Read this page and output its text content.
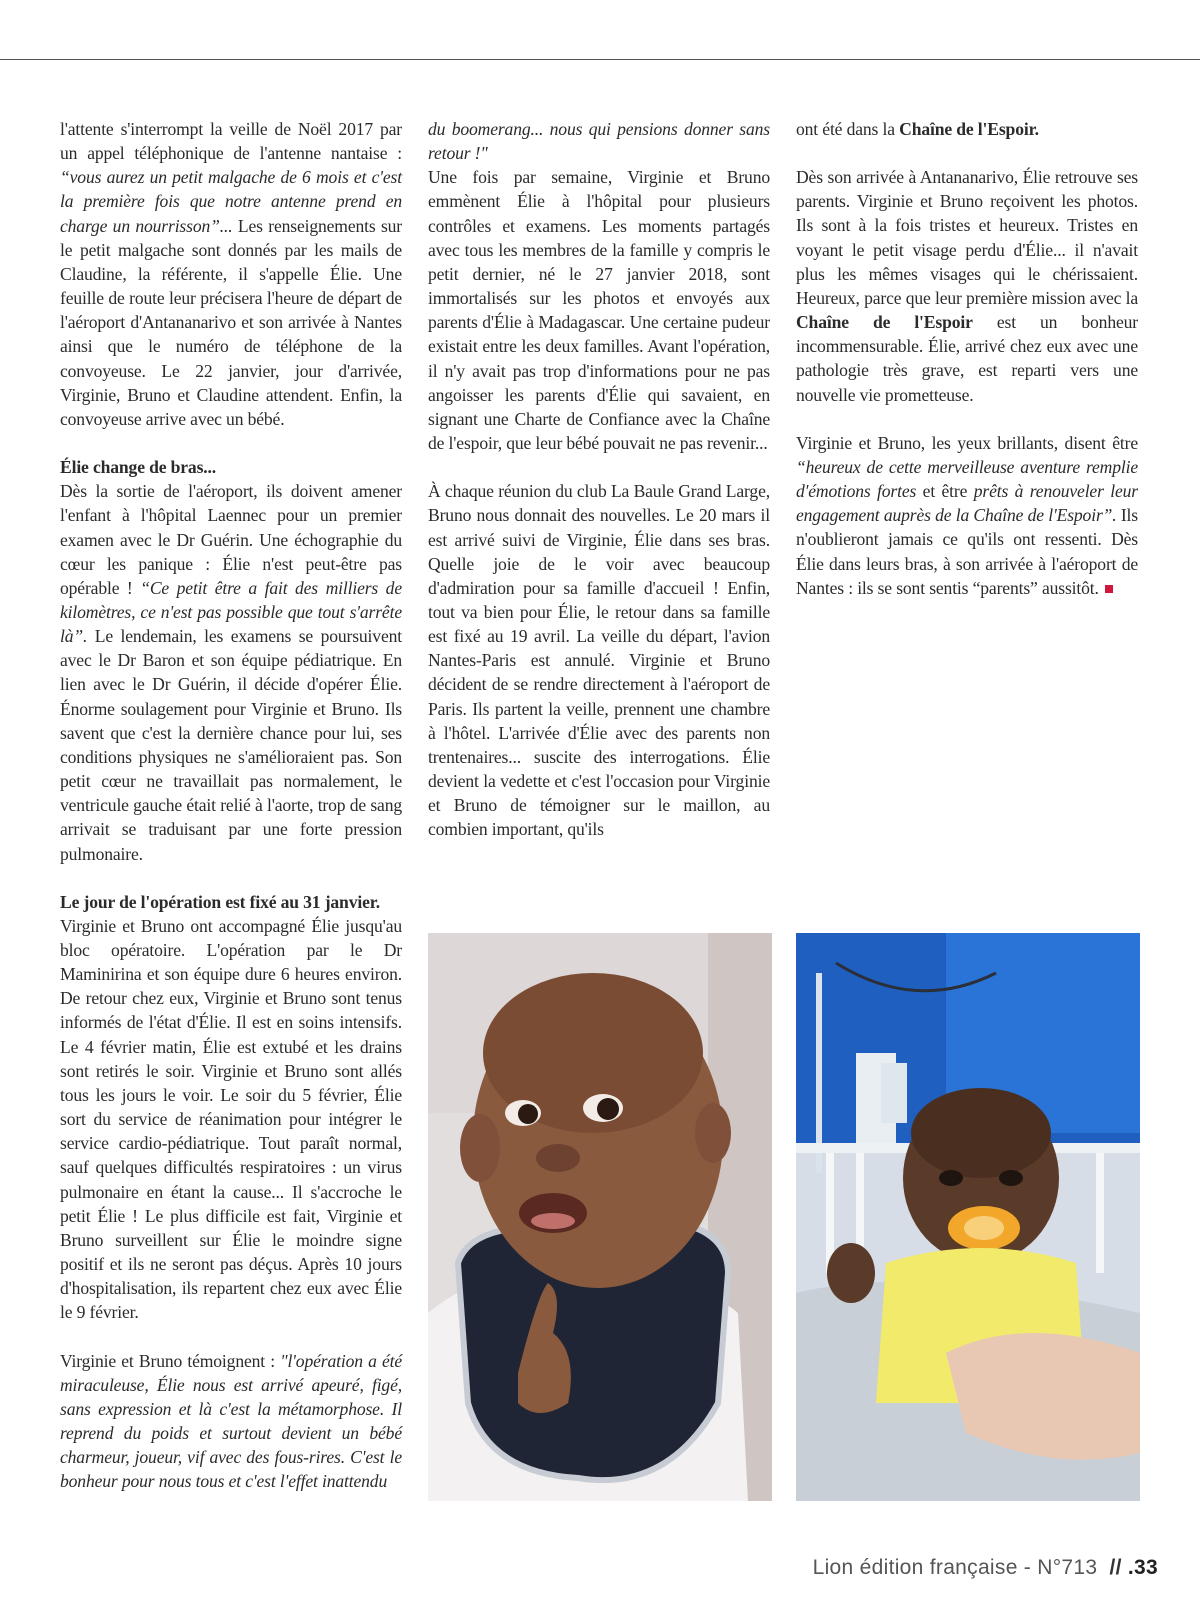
l'attente s'interrompt la veille de Noël 2017 par un appel téléphonique de l'antenne nantaise : “vous aurez un petit malgache de 6 mois et c'est la première fois que notre antenne prend en charge un nourrisson”... Les renseignements sur le petit malgache sont donnés par les mails de Claudine, la référente, il s'appelle Élie. Une feuille de route leur précisera l'heure de départ de l'aéroport d'Antananarivo et son arrivée à Nantes ainsi que le numéro de téléphone de la convoyeuse. Le 22 janvier, jour d'arrivée, Virginie, Bruno et Claudine attendent. Enfin, la convoyeuse arrive avec un bébé.

Élie change de bras...

Dès la sortie de l'aéroport, ils doivent amener l'enfant à l'hôpital Laennec pour un premier examen avec le Dr Guérin. Une échographie du cœur les panique : Élie n'est peut-être pas opérable ! “Ce petit être a fait des milliers de kilomètres, ce n'est pas possible que tout s'arrête là”. Le lendemain, les examens se poursuivent avec le Dr Baron et son équipe pédiatrique. En lien avec le Dr Guérin, il décide d'opérer Élie. Énorme soulagement pour Virginie et Bruno. Ils savent que c'est la dernière chance pour lui, ses conditions physiques ne s'amélioraient pas. Son petit cœur ne travaillait pas normalement, le ventricule gauche était relié à l'aorte, trop de sang arrivait se traduisant par une forte pression pulmonaire.

Le jour de l'opération est fixé au 31 janvier.

Virginie et Bruno ont accompagné Élie jusqu'au bloc opératoire. L'opération par le Dr Maminirina et son équipe dure 6 heures environ. De retour chez eux, Virginie et Bruno sont tenus informés de l'état d'Élie. Il est en soins intensifs. Le 4 février matin, Élie est extubé et les drains sont retirés le soir. Virginie et Bruno sont allés tous les jours le voir. Le soir du 5 février, Élie sort du service de réanimation pour intégrer le service cardio-pédiatrique. Tout paraît normal, sauf quelques difficultés respiratoires : un virus pulmonaire en étant la cause... Il s'accroche le petit Élie ! Le plus difficile est fait, Virginie et Bruno surveillent sur Élie le moindre signe positif et ils ne seront pas déçus. Après 10 jours d'hospitalisation, ils repartent chez eux avec Élie le 9 février.

Virginie et Bruno témoignent : "l'opération a été miraculeuse, Élie nous est arrivé apeuré, figé, sans expression et là c'est la métamorphose. Il reprend du poids et surtout devient un bébé charmeur, joueur, vif avec des fous-rires. C'est le bonheur pour nous tous et c'est l'effet inattendu

du boomerang... nous qui pensions donner sans retour !"

Une fois par semaine, Virginie et Bruno emmènent Élie à l'hôpital pour plusieurs contrôles et examens. Les moments partagés avec tous les membres de la famille y compris le petit dernier, né le 27 janvier 2018, sont immortalisés sur les photos et envoyés aux parents d'Élie à Madagascar. Une certaine pudeur existait entre les deux familles. Avant l'opération, il n'y avait pas trop d'informations pour ne pas angoisser les parents d'Élie qui savaient, en signant une Charte de Confiance avec la Chaîne de l'espoir, que leur bébé pouvait ne pas revenir...

À chaque réunion du club La Baule Grand Large, Bruno nous donnait des nouvelles. Le 20 mars il est arrivé suivi de Virginie, Élie dans ses bras. Quelle joie de le voir avec beaucoup d'admiration pour sa famille d'accueil ! Enfin, tout va bien pour Élie, le retour dans sa famille est fixé au 19 avril. La veille du départ, l'avion Nantes-Paris est annulé. Virginie et Bruno décident de se rendre directement à l'aéroport de Paris. Ils partent la veille, prennent une chambre à l'hôtel. L'arrivée d'Élie avec des parents non trentenaires... suscite des interrogations. Élie devient la vedette et c'est l'occasion pour Virginie et Bruno de témoigner sur le maillon, au combien important, qu'ils

ont été dans la Chaîne de l'Espoir.

Dès son arrivée à Antananarivo, Élie retrouve ses parents. Virginie et Bruno reçoivent les photos. Ils sont à la fois tristes et heureux. Tristes en voyant le petit visage perdu d'Élie... il n'avait plus les mêmes visages qui le chérissaient. Heureux, parce que leur première mission avec la Chaîne de l'Espoir est un bonheur incommensurable. Élie, arrivé chez eux avec une pathologie très grave, est reparti vers une nouvelle vie prometteuse.

Virginie et Bruno, les yeux brillants, disent être “heureux de cette merveilleuse aventure remplie d'émotions fortes et être prêts à renouveler leur engagement auprès de la Chaîne de l'Espoir”. Ils n'oublieront jamais ce qu'ils ont ressenti. Dès Élie dans leurs bras, à son arrivée à l'aéroport de Nantes : ils se sont sentis “parents” aussitôt.

Lion édition française - N°713 // .33
